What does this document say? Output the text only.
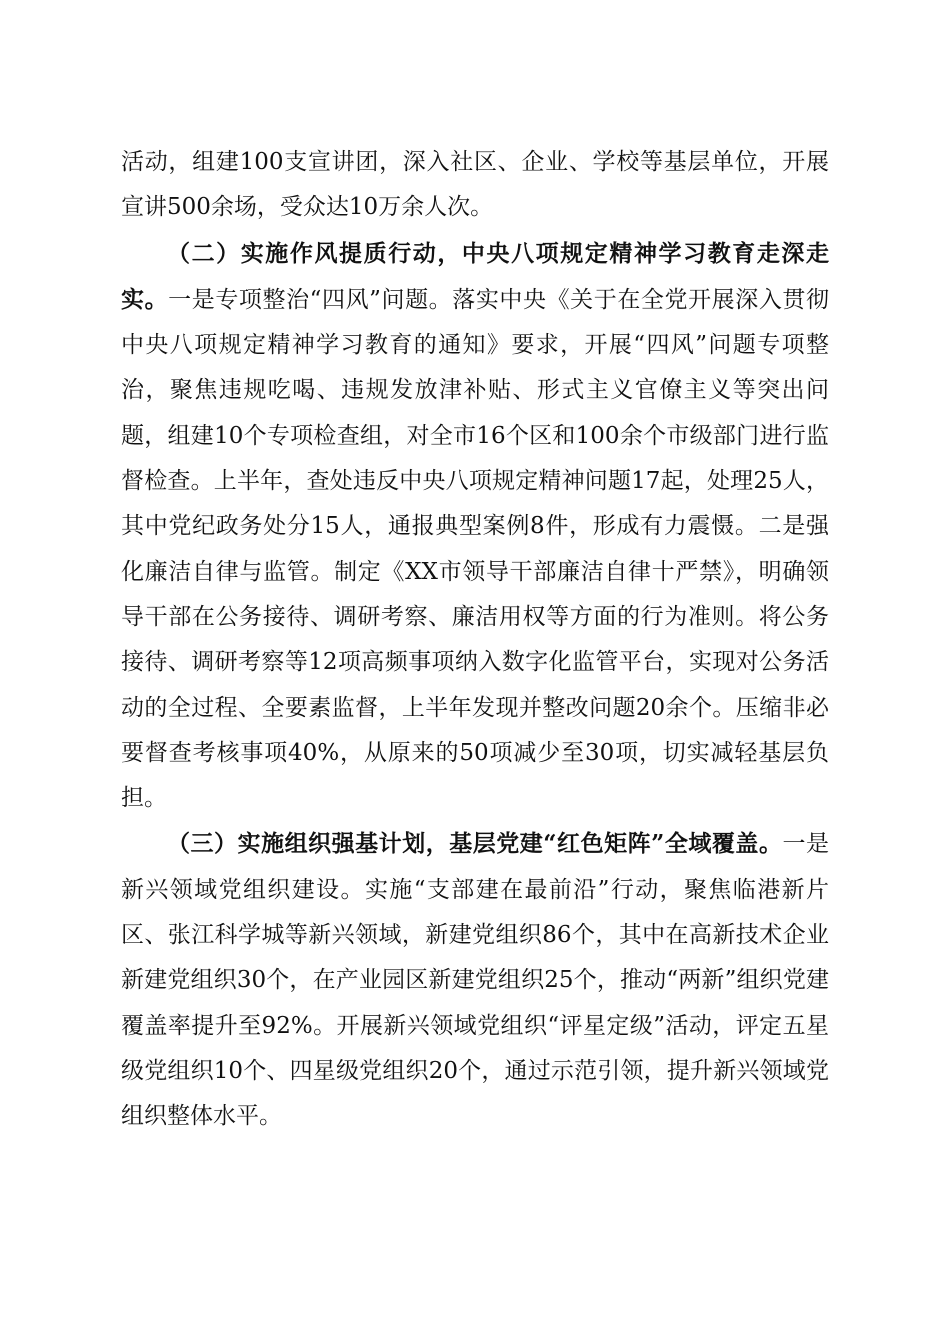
活动，组建100支宣讲团，深入社区、企业、学校等基层单位，开展宣讲500余场，受众达10万余人次。

（二）实施作风提质行动，中央八项规定精神学习教育走深走实。一是专项整治“四风”问题。落实中央《关于在全党开展深入贯彻中央八项规定精神学习教育的通知》要求，开展“四风”问题专项整治，聚焦违规吃喝、违规发放津补贴、形式主义官僚主义等突出问题，组建10个专项检查组，对全市16个区和100余个市级部门进行监督检查。上半年，查处违反中央八项规定精神问题17起，处理25人，其中党纪政务处分15人，通报典型案例8件，形成有力震慑。二是强化廉洁自律与监管。制定《XX市领导干部廉洁自律十严禁》，明确领导干部在公务接待、调研考察、廉洁用权等方面的行为准则。将公务接待、调研考察等12项高频事项纳入数字化监管平台，实现对公务活动的全过程、全要素监督，上半年发现并整改问题20余个。压缩非必要督查考核事项40%，从原来的50项减少至30项，切实减轻基层负担。

（三）实施组织强基计划，基层党建“红色矩阵”全域覆盖。一是新兴领域党组织建设。实施“支部建在最前沿”行动，聚焦临港新片区、张江科学城等新兴领域，新建党组织86个，其中在高新技术企业新建党组织30个，在产业园区新建党组织25个，推动“两新”组织党建覆盖率提升至92%。开展新兴领域党组织“评星定级”活动，评定五星级党组织10个、四星级党组织20个，通过示范引领，提升新兴领域党组织整体水平。
